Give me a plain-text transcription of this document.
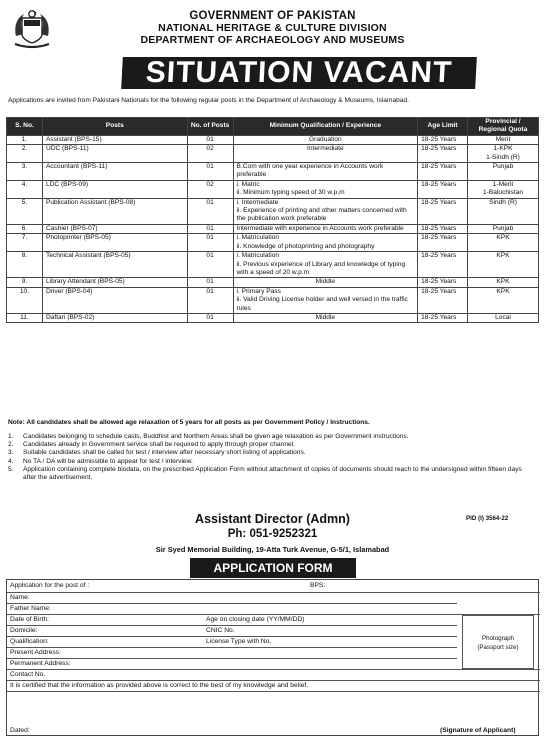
GOVERNMENT OF PAKISTAN
NATIONAL HERITAGE & CULTURE DIVISION
DEPARTMENT OF ARCHAEOLOGY AND MUSEUMS
SITUATION VACANT
Applications are invited from Pakistani Nationals for the following regular posts in the Department of Archaeology & Museums, Islamabad.
S. No.	Posts	No. of Posts	Minimum Qualification / Experience	Age Limit	Provincial / Regional Quota
1.	Assistant (BPS-15)	01	Graduation	18-25 Years	Merit

2.	UDC (BPS-11)	02	Intermediate	18-25 Years	1-KPK
1-Sindh (R)

3.	Accountant (BPS-11)	01	B.Com with one year experience in Accounts work preferable	18-25 Years	Punjab

4.	LDC (BPS-09)	02	i. Matric
ii. Minimum typing speed of 30 w.p.m	18-25 Years	1-Merit
1-Baluchistan

5.	Publication Assistant (BPS-08)	01	i. Intermediate
ii. Experience of printing and other matters concerned with the publication work preferable	18-25 Years	Sindh (R)

6.	Cashier (BPS-07)	01	Intermediate with experience in Accounts work preferable	18-25 Years	Punjab

7.	Photoprinter (BPS-05)	01	i. Matriculation
ii. Knowledge of photoprinting and photography	18-25 Years	KPK

8.	Technical Assistant (BPS-05)	01	i. Matriculation
ii. Previous experience of Library and knowledge of typing with a speed of 20 w.p.m	18-25 Years	KPK

9.	Library Attendant (BPS-05)	01	Middle	18-25 Years	KPK

10.	Driver (BPS-04)	01	i. Primary Pass
ii. Valid Driving License holder and well versed in the traffic rules	18-25 Years	KPK

11.	Daftari (BPS-02)	01	Middle	18-25 Years	Local
Note: All candidates shall be allowed age relaxation of 5 years for all posts as per Government Policy / Instructions.
1.	Candidates belonging to schedule casts, Buddhist and Northern Areas shall be given age relaxation as per Government instructions.
2.	Candidates already in Government service shall be required to apply through proper channel.
3.	Suitable candidates shall be called for test / interview after necessary short listing of applications.
4.	No TA / DA will be admissible to appear for test / interview.
5.	Application containing complete biodata, on the prescribed Application Form without attachment of copies of documents should reach to the undersigned within fifteen days after the advertisement.
PID (I) 3564-22
Assistant Director (Admn)
Ph: 051-9252321
Sir Syed Memorial Building, 19-Atta Turk Avenue, G-5/1, Islamabad
APPLICATION FORM
Application for the post of :	BPS:
Name:
Father Name:
Date of Birth:	Age on closing date (YY/MM/DD)
Domicile:	CNIC No.
Qualification:	License Type with No.
Present Address:
Permanent Address:
Contact No.
It is certified that the information as provided above is correct to the best of my knowledge and belief.
Dated:	(Signature of Applicant)
Photograph
(Passport size)
